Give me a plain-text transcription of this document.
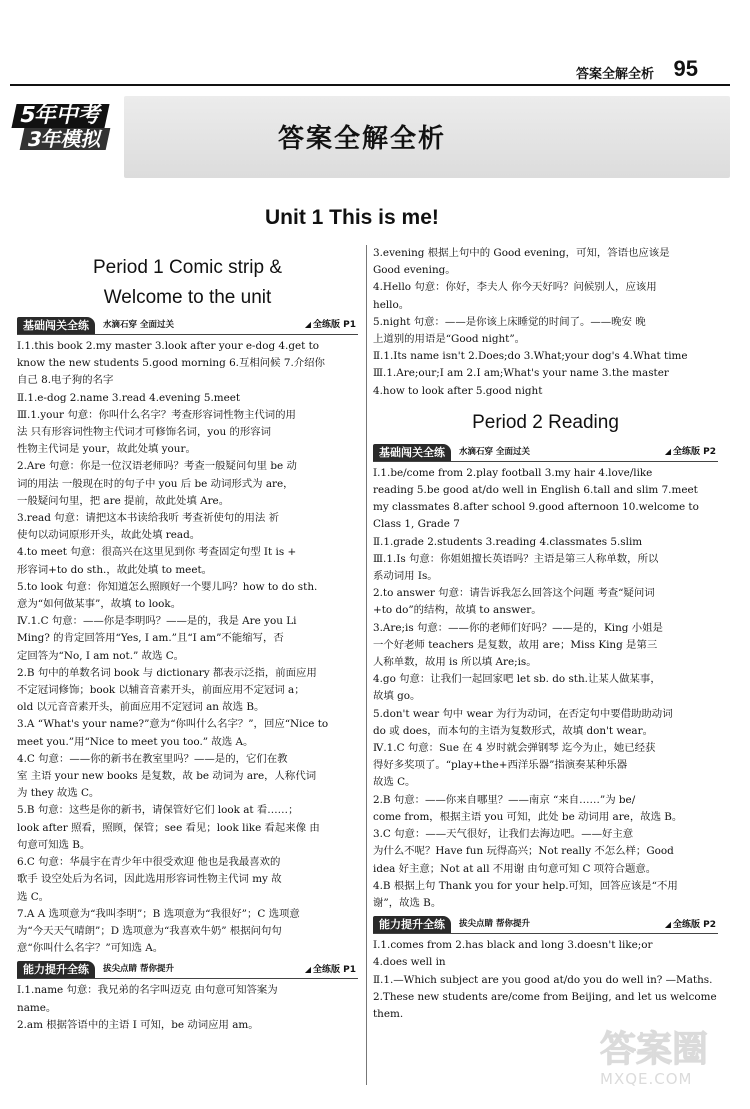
答案全解全析 95
5年中考
3年模拟	答案全解全析
Unit 1 This is me!
Period 1 Comic strip &
Welcome to the unit
基础闯关全练	水滴石穿 全面过关	◢ 全练版 P1
Ⅰ.1.this book 2.my master 3.look after your e-dog 4.get to
know the new students 5.good morning 6.互相问候 7.介绍你
自己 8.电子狗的名字
Ⅱ.1.e-dog 2.name 3.read 4.evening 5.meet
Ⅲ.1.your 句意：你叫什么名字？考查形容词性物主代词的用
法 只有形容词性物主代词才可修饰名词，you 的形容词
性物主代词是 your，故此处填 your。
2.Are 句意：你是一位汉语老师吗？考查一般疑问句里 be 动
词的用法 一般现在时的句子中 you 后 be 动词形式为 are，
一般疑问句里，把 are 提前，故此处填 Are。
3.read 句意：请把这本书读给我听 考查祈使句的用法 祈
使句以动词原形开头，故此处填 read。
4.to meet 句意：很高兴在这里见到你 考查固定句型 It is +
形容词+to do sth.，故此处填 to meet。
5.to look 句意：你知道怎么照顾好一个婴儿吗？how to do sth.
意为“如何做某事”，故填 to look。
Ⅳ.1.C 句意：——你是李明吗？——是的，我是 Are you Li
Ming? 的肯定回答用“Yes, I am.”且“I am”不能缩写，否
定回答为“No, I am not.” 故选 C。
2.B 句中的单数名词 book 与 dictionary 都表示泛指，前面应用
不定冠词修饰；book 以辅音音素开头，前面应用不定冠词 a；
old 以元音音素开头，前面应用不定冠词 an 故选 B。
3.A “What's your name?”意为“你叫什么名字？”，回应“Nice to
meet you.”用“Nice to meet you too.” 故选 A。
4.C 句意：——你的新书在教室里吗？——是的，它们在教
室 主语 your new books 是复数，故 be 动词为 are，人称代词
为 they 故选 C。
5.B 句意：这些是你的新书，请保管好它们 look at 看……；
look after 照看，照顾，保管；see 看见；look like 看起来像 由
句意可知选 B。
6.C 句意：华晨宇在青少年中很受欢迎 他也是我最喜欢的
歌手 设空处后为名词，因此选用形容词性物主代词 my 故
选 C。
7.A A 选项意为“我叫李明”；B 选项意为“我很好”；C 选项意
为“今天天气晴朗”；D 选项意为“我喜欢牛奶” 根据问句句
意“你叫什么名字？”可知选 A。
能力提升全练	拔尖点睛 帮你提升	◢ 全练版 P1
Ⅰ.1.name 句意：我兄弟的名字叫迈克 由句意可知答案为
name。
2.am 根据答语中的主语 I 可知，be 动词应用 am。
3.evening 根据上句中的 Good evening，可知，答语也应该是
Good evening。
4.Hello 句意：你好，李夫人 你今天好吗？问候别人，应该用
hello。
5.night 句意：——是你该上床睡觉的时间了。——晚安 晚
上道别的用语是“Good night”。
Ⅱ.1.Its name isn't 2.Does;do 3.What;your dog's 4.What time
Ⅲ.1.Are;our;I am 2.I am;What's your name 3.the master
4.how to look after 5.good night
Period 2 Reading
基础闯关全练	水滴石穿 全面过关	◢ 全练版 P2
Ⅰ.1.be/come from 2.play football 3.my hair 4.love/like
reading 5.be good at/do well in English 6.tall and slim 7.meet
my classmates 8.after school 9.good afternoon 10.welcome to
Class 1, Grade 7
Ⅱ.1.grade 2.students 3.reading 4.classmates 5.slim
Ⅲ.1.Is 句意：你姐姐擅长英语吗？主语是第三人称单数，所以
系动词用 Is。
2.to answer 句意：请告诉我怎么回答这个问题 考查“疑问词
+to do”的结构，故填 to answer。
3.Are;is 句意：——你的老师们好吗？——是的，King 小姐是
一个好老师 teachers 是复数，故用 are；Miss King 是第三
人称单数，故用 is 所以填 Are;is。
4.go 句意：让我们一起回家吧 let sb. do sth.让某人做某事，
故填 go。
5.don't wear 句中 wear 为行为动词，在否定句中要借助助动词
do 或 does，而本句的主语为复数形式，故填 don't wear。
Ⅳ.1.C 句意：Sue 在 4 岁时就会弹钢琴 迄今为止，她已经获
得好多奖项了。“play+the+西洋乐器”指演奏某种乐器
故选 C。
2.B 句意：——你来自哪里？——南京 “来自……”为 be/
come from，根据主语 you 可知，此处 be 动词用 are，故选 B。
3.C 句意：——天气很好，让我们去海边吧。——好主意
为什么不呢？Have fun 玩得高兴；Not really 不怎么样；Good
idea 好主意；Not at all 不用谢 由句意可知 C 项符合题意。
4.B 根据上句 Thank you for your help.可知，回答应该是“不用
谢”，故选 B。
能力提升全练	拔尖点睛 帮你提升	◢ 全练版 P2
Ⅰ.1.comes from 2.has black and long 3.doesn't like;or
4.does well in
Ⅱ.1.—Which subject are you good at/do you do well in? —Maths.
2.These new students are/come from Beijing, and let us welcome
them.
答案圈
MXQE.COM
